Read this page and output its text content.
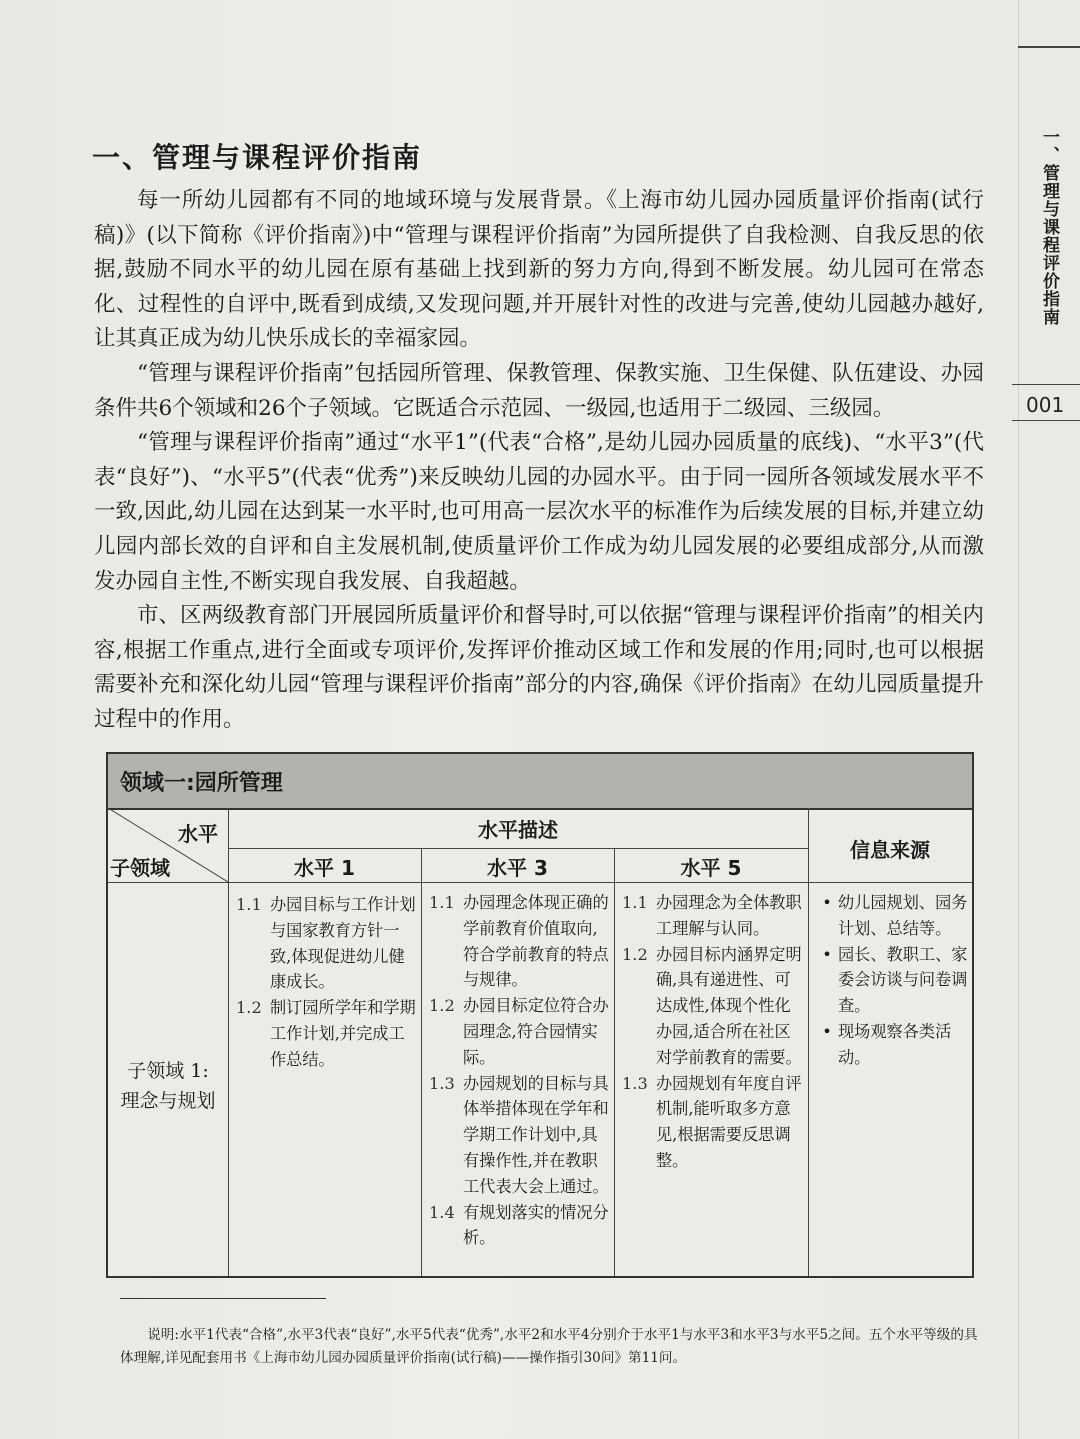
一、管理与课程评价指南
001
一、管理与课程评价指南

每一所幼儿园都有不同的地域环境与发展背景。《上海市幼儿园办园质量评价指南(试行稿)》(以下简称《评价指南》)中“管理与课程评价指南”为园所提供了自我检测、自我反思的依据,鼓励不同水平的幼儿园在原有基础上找到新的努力方向,得到不断发展。幼儿园可在常态化、过程性的自评中,既看到成绩,又发现问题,并开展针对性的改进与完善,使幼儿园越办越好,让其真正成为幼儿快乐成长的幸福家园。

“管理与课程评价指南”包括园所管理、保教管理、保教实施、卫生保健、队伍建设、办园条件共6个领域和26个子领域。它既适合示范园、一级园,也适用于二级园、三级园。

“管理与课程评价指南”通过“水平1”(代表“合格”,是幼儿园办园质量的底线)、“水平3”(代表“良好”)、“水平5”(代表“优秀”)来反映幼儿园的办园水平。由于同一园所各领域发展水平不一致,因此,幼儿园在达到某一水平时,也可用高一层次水平的标准作为后续发展的目标,并建立幼儿园内部长效的自评和自主发展机制,使质量评价工作成为幼儿园发展的必要组成部分,从而激发办园自主性,不断实现自我发展、自我超越。

市、区两级教育部门开展园所质量评价和督导时,可以依据“管理与课程评价指南”的相关内容,根据工作重点,进行全面或专项评价,发挥评价推动区域工作和发展的作用;同时,也可以根据需要补充和深化幼儿园“管理与课程评价指南”部分的内容,确保《评价指南》在幼儿园质量提升过程中的作用。

领域一:园所管理
水平
子领域
水平描述
信息来源
水平 1	水平 3	水平 5
子领域 1:
理念与规划
1.1 办园目标与工作计划与国家教育方针一致,体现促进幼儿健康成长。
1.2 制订园所学年和学期工作计划,并完成工作总结。
1.1 办园理念体现正确的学前教育价值取向,符合学前教育的特点与规律。
1.2 办园目标定位符合办园理念,符合园情实际。
1.3 办园规划的目标与具体举措体现在学年和学期工作计划中,具有操作性,并在教职工代表大会上通过。
1.4 有规划落实的情况分析。
1.1 办园理念为全体教职工理解与认同。
1.2 办园目标内涵界定明确,具有递进性、可达成性,体现个性化办园,适合所在社区对学前教育的需要。
1.3 办园规划有年度自评机制,能听取多方意见,根据需要反思调整。
• 幼儿园规划、园务计划、总结等。
• 园长、教职工、家委会访谈与问卷调查。
• 现场观察各类活动。
说明:水平1代表“合格”,水平3代表“良好”,水平5代表“优秀”,水平2和水平4分别介于水平1与水平3和水平3与水平5之间。五个水平等级的具体理解,详见配套用书《上海市幼儿园办园质量评价指南(试行稿)——操作指引30问》第11问。
